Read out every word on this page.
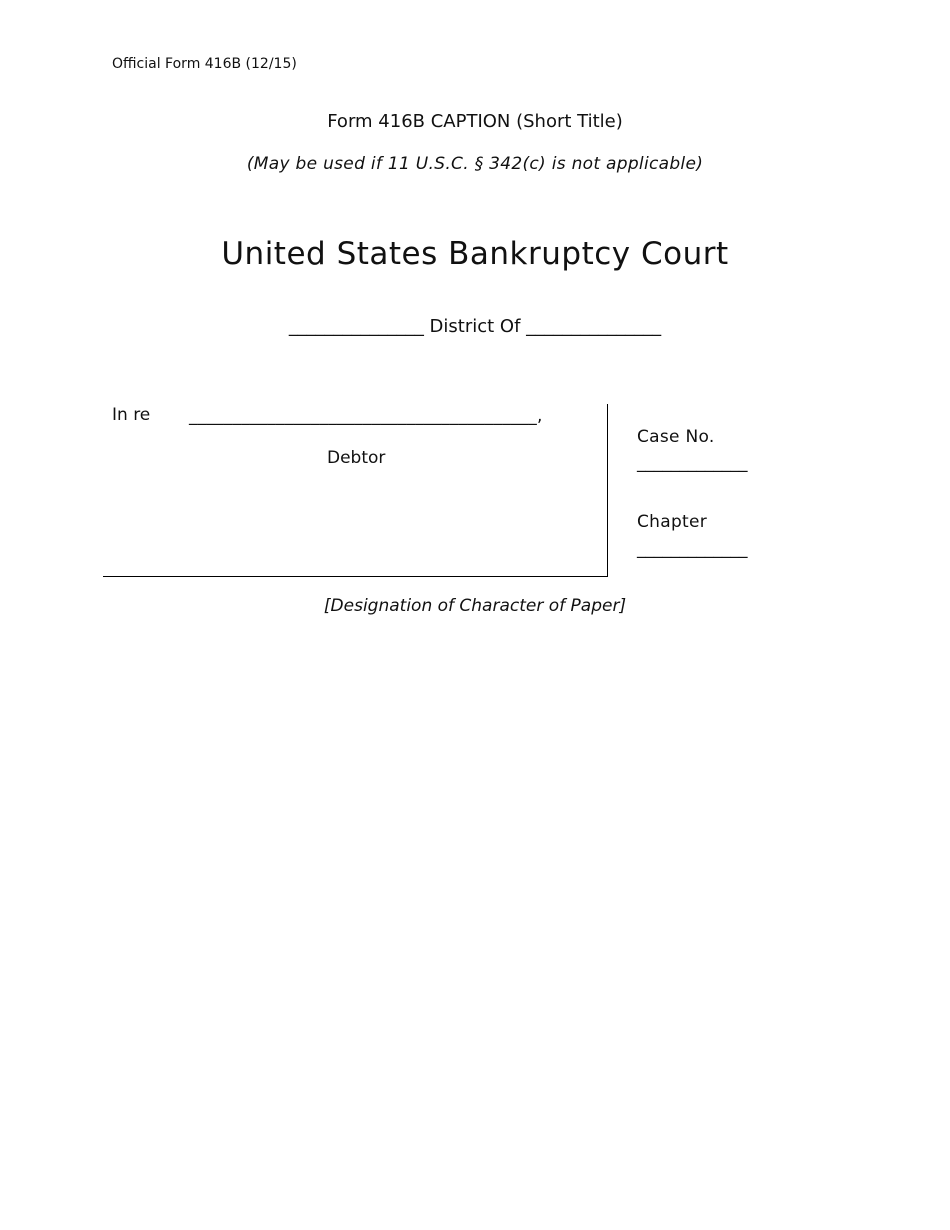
Official Form 416B (12/15)
Form 416B CAPTION (Short Title)
(May be used if 11 U.S.C. § 342(c) is not applicable)
United States Bankruptcy Court
_______________ District Of _______________
In re ________________________________________,
Debtor
Case No.
_____________
Chapter
_____________
[Designation of Character of Paper]
